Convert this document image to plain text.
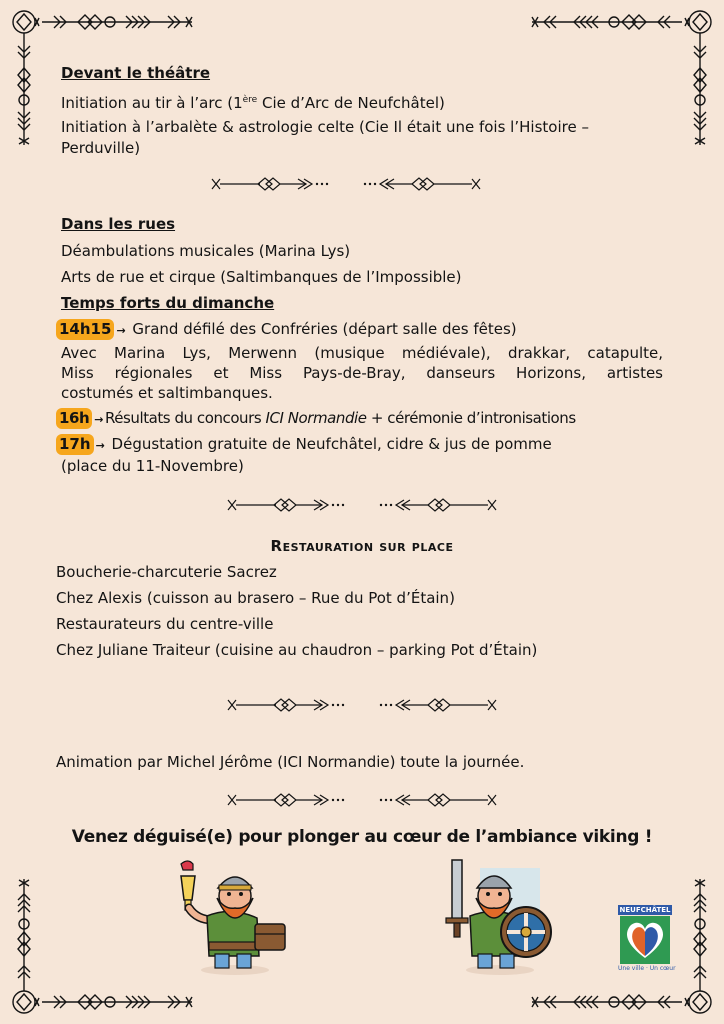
Devant le théâtre
Initiation au tir à l’arc (1ère Cie d’Arc de Neufchâtel)
Initiation à l’arbalète & astrologie celte (Cie Il était une fois l’Histoire –
Perduville)
Dans les rues
Déambulations musicales (Marina Lys)
Arts de rue et cirque (Saltimbanques de l’Impossible)
Temps forts du dimanche
14h15 → Grand défilé des Confréries (départ salle des fêtes)
Avec Marina Lys, Merwenn (musique médiévale), drakkar, catapulte,
Miss régionales et Miss Pays-de-Bray, danseurs Horizons, artistes
costumés et saltimbanques.
16h → Résultats du concours ICI Normandie + cérémonie d’intronisations
17h → Dégustation gratuite de Neufchâtel, cidre & jus de pomme
(place du 11-Novembre)
Restauration sur place
Boucherie-charcuterie Sacrez
Chez Alexis (cuisson au brasero – Rue du Pot d’Étain)
Restaurateurs du centre-ville
Chez Juliane Traiteur (cuisine au chaudron – parking Pot d’Étain)
Animation par Michel Jérôme (ICI Normandie) toute la journée.
Venez déguisé(e) pour plonger au cœur de l’ambiance viking !
NEUFCHÂTEL
Une ville · Un cœur
